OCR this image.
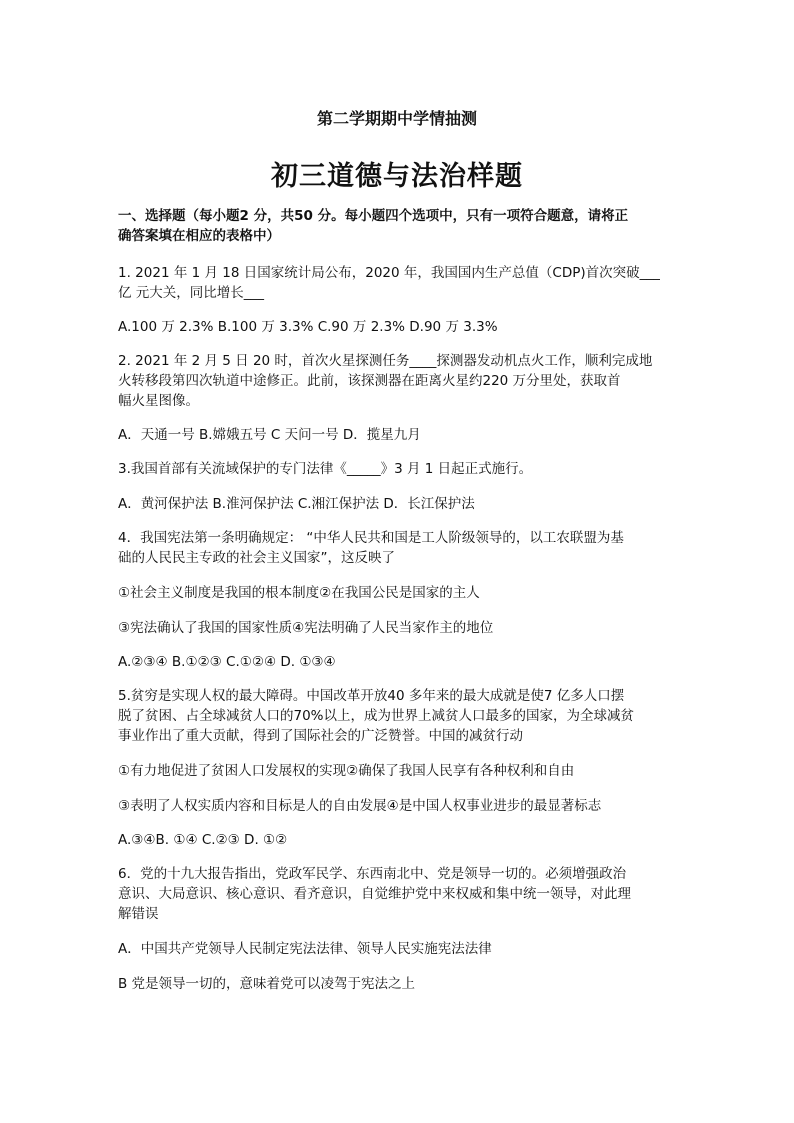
第二学期期中学情抽测
初三道德与法治样题
一、选择题（每小题2 分，共50 分。每小题四个选项中，只有一项符合题意，请将正
确答案填在相应的表格中）
1. 2021 年 1 月 18 日国家统计局公布，2020 年，我国国内生产总值（CDP)首次突破___
亿 元大关，同比增长___
A.100 万 2.3% B.100 万 3.3% C.90 万 2.3% D.90 万 3.3%
2. 2021 年 2 月 5 日 20 时，首次火星探测任务____探测器发动机点火工作，顺利完成地
火转移段第四次轨道中途修正。此前，该探测器在距离火星约220 万分里处，获取首
幅火星图像。
A．天通一号 B.嫦娥五号 C 天问一号 D．揽星九月
3.我国首部有关流域保护的专门法律《_____》3 月 1 日起正式施行。
A．黄河保护法 B.淮河保护法 C.湘江保护法 D．长江保护法
4．我国宪法第一条明确规定： “中华人民共和国是工人阶级领导的，以工农联盟为基
础的人民民主专政的社会主义国家”，这反映了
①社会主义制度是我国的根本制度②在我国公民是国家的主人
③宪法确认了我国的国家性质④宪法明确了人民当家作主的地位
A.②③④ B.①②③ C.①②④ D. ①③④
5.贫穷是实现人权的最大障碍。中国改革开放40 多年来的最大成就是使7 亿多人口摆
脱了贫困、占全球减贫人口的70%以上，成为世界上减贫人口最多的国家，为全球减贫
事业作出了重大贡献，得到了国际社会的广泛赞誉。中国的减贫行动
①有力地促进了贫困人口发展权的实现②确保了我国人民享有各种权利和自由
③表明了人权实质内容和目标是人的自由发展④是中国人权事业进步的最显著标志
A.③④B. ①④ C.②③ D. ①②
6．党的十九大报告指出，党政军民学、东西南北中、党是领导一切的。必须增强政治
意识、大局意识、核心意识、看齐意识，自觉维护党中来权威和集中统一领导，对此理
解错误
A．中国共产党领导人民制定宪法法律、领导人民实施宪法法律
B 党是领导一切的，意味着党可以凌驾于宪法之上
